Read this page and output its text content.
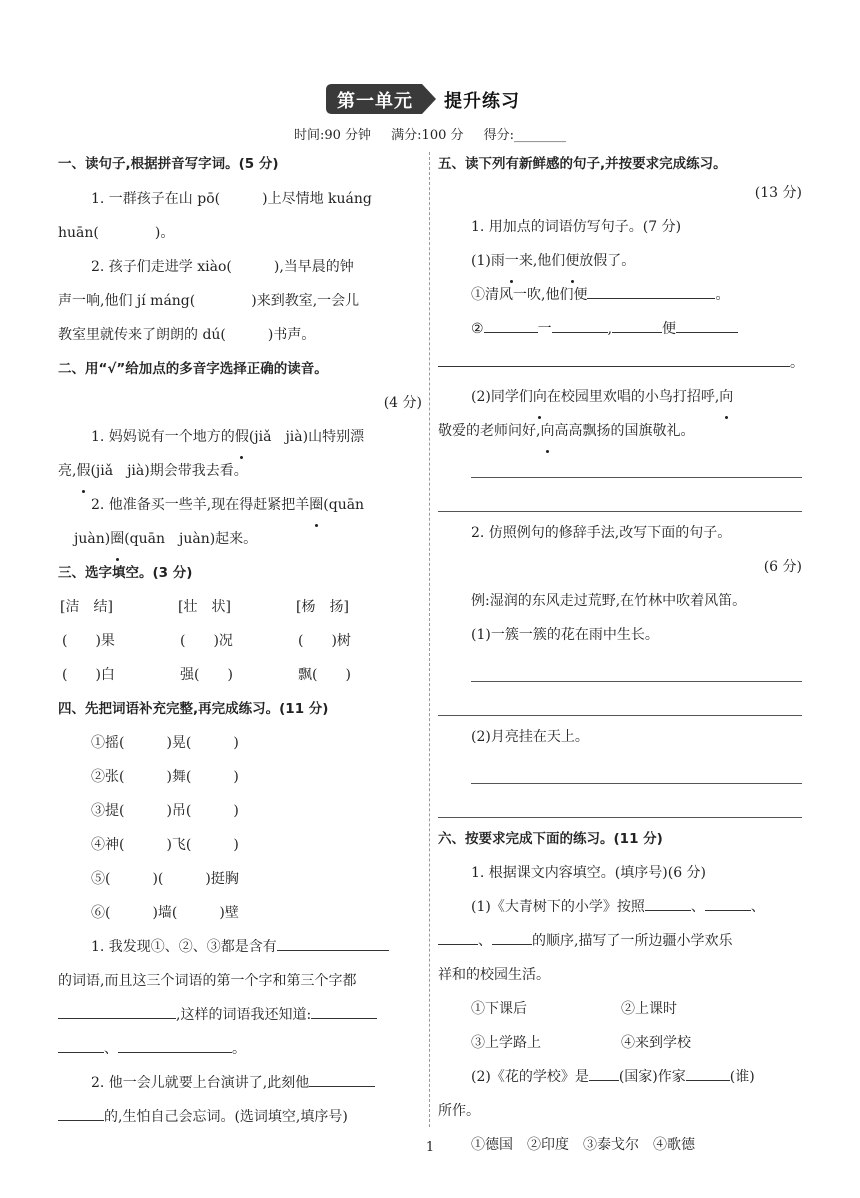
第一单元 提升练习
时间:90 分钟 满分:100 分 得分:________
一、读句子,根据拼音写字词。(5 分)
1. 一群孩子在山 pō(　　　)上尽情地 kuáng
huān(　　　　)。
2. 孩子们走进学 xiào(　　　),当早晨的钟
声一响,他们 jí máng(　　　　)来到教室,一会儿
教室里就传来了朗朗的 dú(　　　)书声。
二、用“√”给加点的多音字选择正确的读音。
(4 分)
1. 妈妈说有一个地方的假(jiǎ　jià)山特别漂
亮,假(jiǎ　jià)期会带我去看。
2. 他准备买一些羊,现在得赶紧把羊圈(quān
juàn)圈(quān　juàn)起来。
三、选字填空。(3 分)
[洁　结]	[壮　状]	[杨　扬]
(　　)果	(　　)况	(　　)树
(　　)白	强(　　)	飘(　　)
四、先把词语补充完整,再完成练习。(11 分)
①摇(　　　)晃(　　　)
②张(　　　)舞(　　　)
③提(　　　)吊(　　　)
④神(　　　)飞(　　　)
⑤(　　　)(　　　)挺胸
⑥(　　　)墙(　　　)壁
1. 我发现①、②、③都是含有
的词语,而且这三个词语的第一个字和第三个字都
,这样的词语我还知道:
、	。
2. 他一会儿就要上台演讲了,此刻他
的,生怕自己会忘词。(选词填空,填序号)
五、读下列有新鲜感的句子,并按要求完成练习。
(13 分)
1. 用加点的词语仿写句子。(7 分)
(1)雨一来,他们便放假了。
①清风一吹,他们便	。
②	一	,	便
。
(2)同学们向在校园里欢唱的小鸟打招呼,向
敬爱的老师问好,向高高飘扬的国旗敬礼。
2. 仿照例句的修辞手法,改写下面的句子。
(6 分)
例:湿润的东风走过荒野,在竹林中吹着风笛。
(1)一簇一簇的花在雨中生长。
(2)月亮挂在天上。
六、按要求完成下面的练习。(11 分)
1. 根据课文内容填空。(填序号)(6 分)
(1)《大青树下的小学》按照	、	、
、	的顺序,描写了一所边疆小学欢乐
祥和的校园生活。
①下课后	②上课时
③上学路上	④来到学校
(2)《花的学校》是 (国家)作家	(谁)
所作。
①德国　②印度　③泰戈尔　④歌德
1
